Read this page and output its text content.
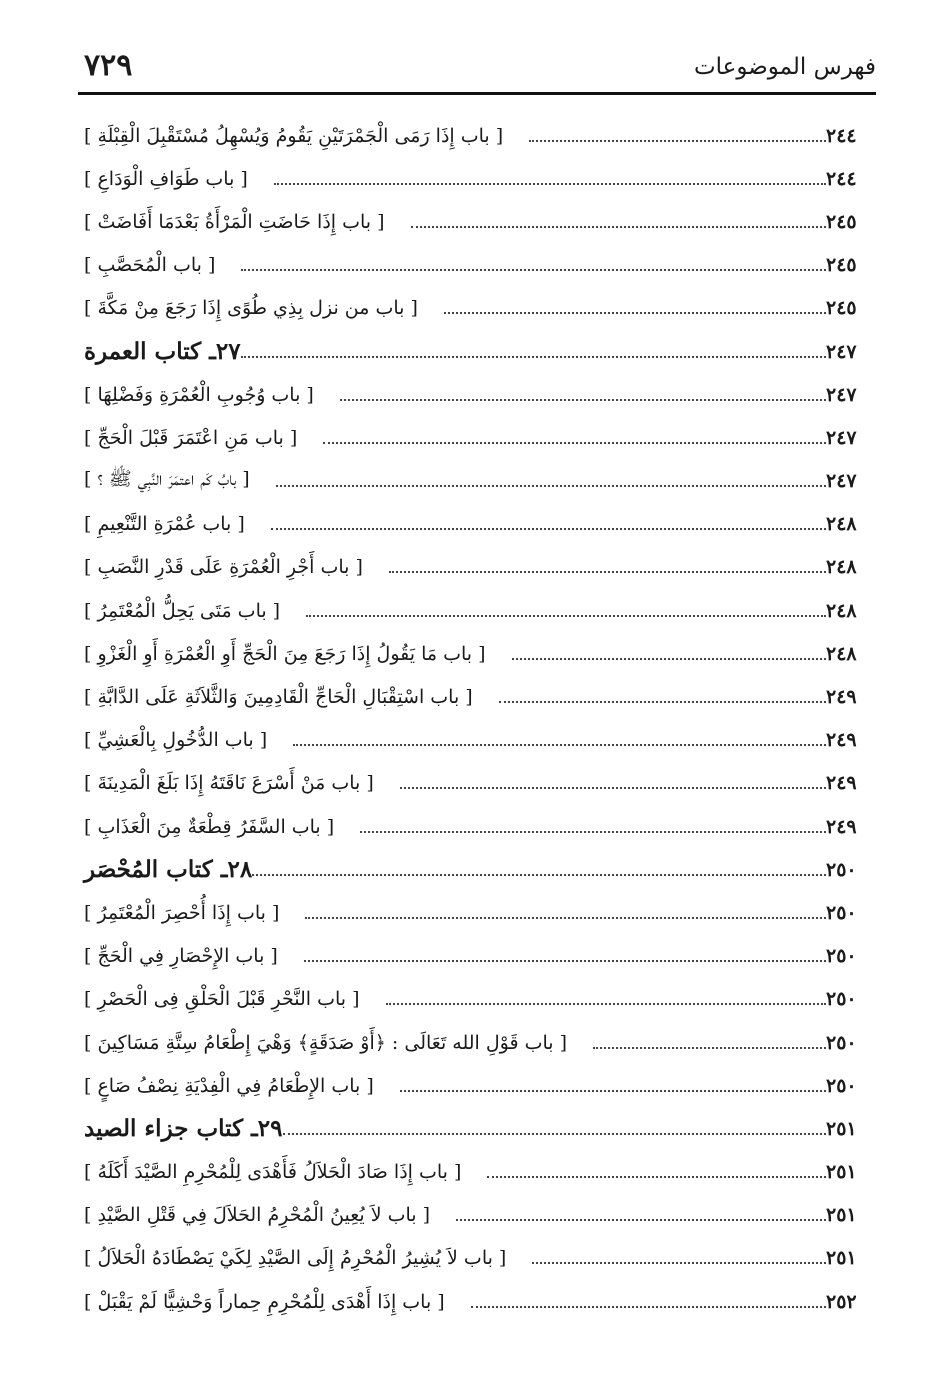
٧٢٩	فهرس الموضوعات
[ باب إِذَا رَمَى الْجَمْرَتَيْنِ يَقُومُ وَيُسْهِلُ مُسْتَقْبِلَ الْقِبْلَةِ ]	٢٤٤
[ باب طَوَافِ الْوَدَاعِ ]	٢٤٤
[ باب إِذَا حَاضَتِ الْمَرْأَةُ بَعْدَمَا أَفَاضَتْ ]	٢٤٥
[ باب الْمُحَصَّبِ ]	٢٤٥
[ باب من نزل بِذِي طُوًى إِذَا رَجَعَ مِنْ مَكَّةَ ]	٢٤٥
٢٧ـ كتاب العمرة	٢٤٧
[ باب وُجُوبِ الْعُمْرَةِ وَفَضْلِهَا ]	٢٤٧
[ باب مَنِ اعْتَمَرَ قَبْلَ الْحَجِّ ]	٢٤٧
[ بابُ كَم اعتمَرَ النَّبِي ﷺ ؟ ]	٢٤٧
[ باب عُمْرَةِ التَّنْعِيمِ ]	٢٤٨
[ باب أَجْرِ الْعُمْرَةِ عَلَى قَدْرِ النَّصَبِ ]	٢٤٨
[ باب مَتَى يَحِلُّ الْمُعْتَمِرُ ]	٢٤٨
[ باب مَا يَقُولُ إِذَا رَجَعَ مِنَ الْحَجِّ أَوِ الْعُمْرَةِ أَوِ الْغَزْوِ ]	٢٤٨
[ باب اسْتِقْبَالِ الْحَاجِّ الْقَادِمِينَ وَالثَّلاَثَةِ عَلَى الدَّابَّةِ ]	٢٤٩
[ باب الدُّخُولِ بِالْعَشِيِّ ]	٢٤٩
[ باب مَنْ أَسْرَعَ نَاقَتَهُ إِذَا بَلَغَ الْمَدِينَةَ ]	٢٤٩
[ باب السَّفَرُ قِطْعَةٌ مِنَ الْعَذَابِ ]	٢٤٩
٢٨ـ كتاب المُحْصَر	٢٥٠
[ باب إِذَا أُحْصِرَ الْمُعْتَمِرُ ]	٢٥٠
[ باب الإِحْصَارِ فِي الْحَجِّ ]	٢٥٠
[ باب النَّحْرِ قَبْلَ الْحَلْقِ فِى الْحَصْرِ ]	٢٥٠
[ باب قَوْلِ الله تَعَالَى : ﴿أَوْ صَدَقَةٍ﴾ وَهْيَ إِطْعَامُ سِتَّةِ مَسَاكِينَ ]	٢٥٠
[ باب الإِطْعَامُ فِي الْفِدْيَةِ نِصْفُ صَاعٍ ]	٢٥٠
٢٩ـ كتاب جزاء الصيد	٢٥١
[ باب إِذَا صَادَ الْحَلاَلُ فَأَهْدَى لِلْمُحْرِمِ الصَّيْدَ أَكَلَهُ ]	٢٥١
[ باب لاَ يُعِينُ الْمُحْرِمُ الحَلاَلَ فِي قَتْلِ الصَّيْدِ ]	٢٥١
[ باب لاَ يُشِيرُ الْمُحْرِمُ إِلَى الصَّيْدِ لِكَيْ يَصْطَادَهُ الْحَلاَلُ ]	٢٥١
[ باب إِذَا أَهْدَى لِلْمُحْرِمِ حِماراً وَحْشِيًّا لَمْ يَقْبَلْ ]	٢٥٢
